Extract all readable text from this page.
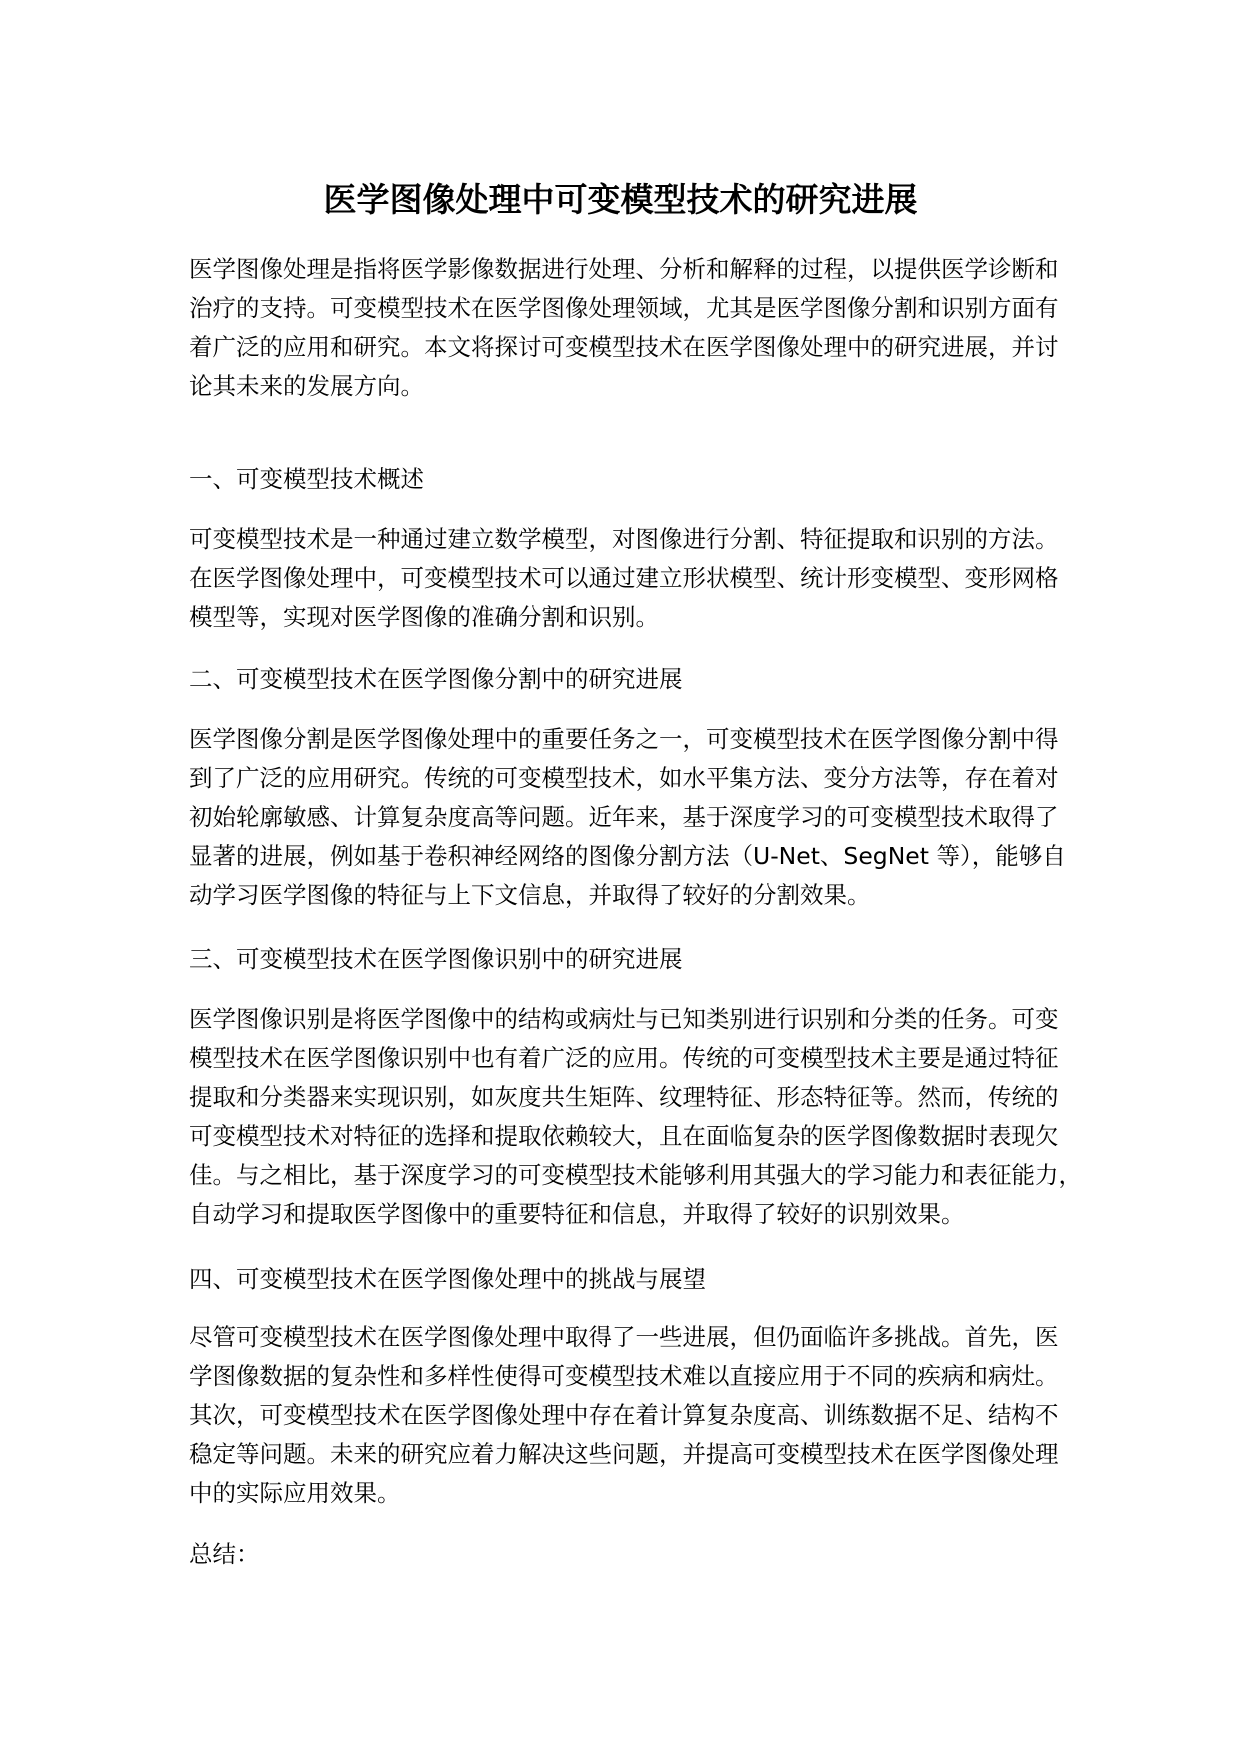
医学图像处理中可变模型技术的研究进展

医学图像处理是指将医学影像数据进行处理、分析和解释的过程，以提供医学诊断和
治疗的支持。可变模型技术在医学图像处理领域，尤其是医学图像分割和识别方面有
着广泛的应用和研究。本文将探讨可变模型技术在医学图像处理中的研究进展，并讨
论其未来的发展方向。

一、可变模型技术概述

可变模型技术是一种通过建立数学模型，对图像进行分割、特征提取和识别的方法。
在医学图像处理中，可变模型技术可以通过建立形状模型、统计形变模型、变形网格
模型等，实现对医学图像的准确分割和识别。

二、可变模型技术在医学图像分割中的研究进展

医学图像分割是医学图像处理中的重要任务之一，可变模型技术在医学图像分割中得
到了广泛的应用研究。传统的可变模型技术，如水平集方法、变分方法等，存在着对
初始轮廓敏感、计算复杂度高等问题。近年来，基于深度学习的可变模型技术取得了
显著的进展，例如基于卷积神经网络的图像分割方法（U-Net、SegNet 等），能够自
动学习医学图像的特征与上下文信息，并取得了较好的分割效果。

三、可变模型技术在医学图像识别中的研究进展

医学图像识别是将医学图像中的结构或病灶与已知类别进行识别和分类的任务。可变
模型技术在医学图像识别中也有着广泛的应用。传统的可变模型技术主要是通过特征
提取和分类器来实现识别，如灰度共生矩阵、纹理特征、形态特征等。然而，传统的
可变模型技术对特征的选择和提取依赖较大，且在面临复杂的医学图像数据时表现欠
佳。与之相比，基于深度学习的可变模型技术能够利用其强大的学习能力和表征能力，
自动学习和提取医学图像中的重要特征和信息，并取得了较好的识别效果。

四、可变模型技术在医学图像处理中的挑战与展望

尽管可变模型技术在医学图像处理中取得了一些进展，但仍面临许多挑战。首先，医
学图像数据的复杂性和多样性使得可变模型技术难以直接应用于不同的疾病和病灶。
其次，可变模型技术在医学图像处理中存在着计算复杂度高、训练数据不足、结构不
稳定等问题。未来的研究应着力解决这些问题，并提高可变模型技术在医学图像处理
中的实际应用效果。

总结：
